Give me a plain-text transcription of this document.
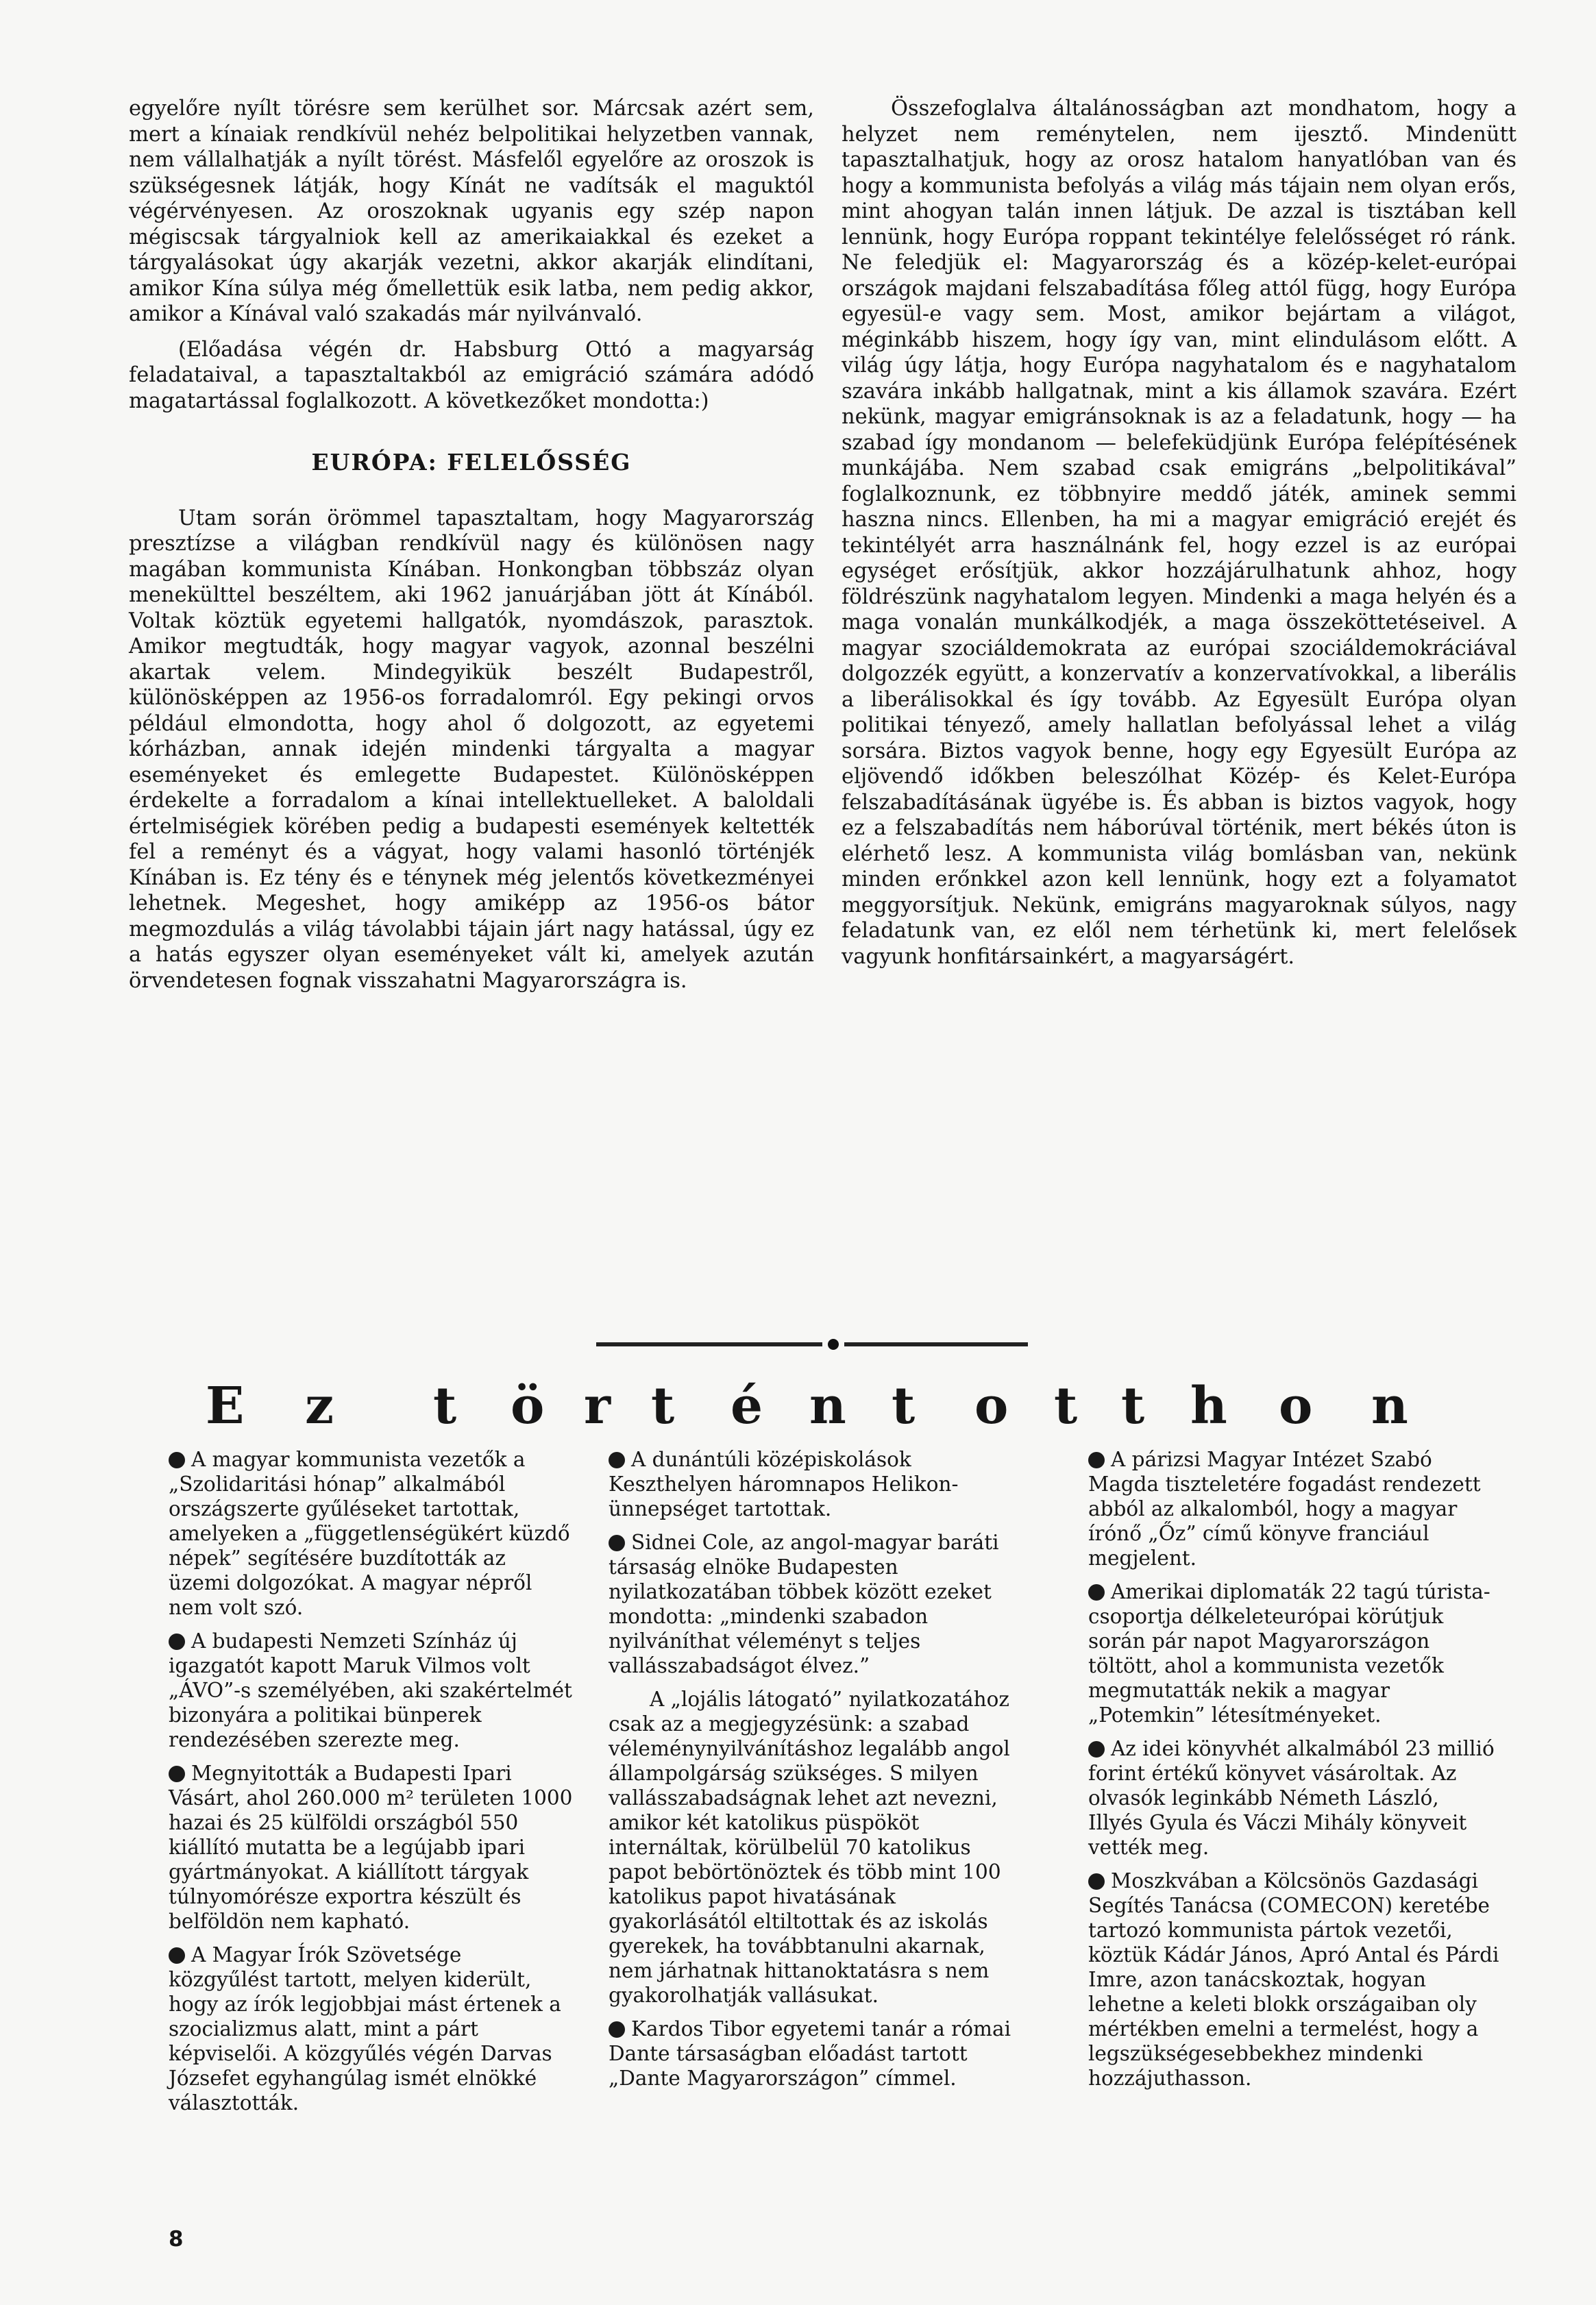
egyelőre nyílt törésre sem kerülhet sor. Márcsak azért sem, mert a kínaiak rendkívül nehéz belpolitikai helyzetben vannak, nem vállalhatják a nyílt törést. Másfelől egyelőre az oroszok is szükségesnek látják, hogy Kínát ne vadítsák el maguktól végérvényesen. Az oroszoknak ugyanis egy szép napon mégiscsak tárgyalniok kell az amerikaiakkal és ezeket a tárgyalásokat úgy akarják vezetni, akkor akarják elindítani, amikor Kína súlya még őmellettük esik latba, nem pedig akkor, amikor a Kínával való szakadás már nyilvánvaló.

(Előadása végén dr. Habsburg Ottó a magyarság feladataival, a tapasztaltakból az emigráció számára adódó magatartással foglalkozott. A következőket mondotta:)

EURÓPA: FELELŐSSÉG

Utam során örömmel tapasztaltam, hogy Magyarország presztízse a világban rendkívül nagy és különösen nagy magában kommunista Kínában. Honkongban többszáz olyan menekülttel beszéltem, aki 1962 januárjában jött át Kínából. Voltak köztük egyetemi hallgatók, nyomdászok, parasztok. Amikor megtudták, hogy magyar vagyok, azonnal beszélni akartak velem. Mindegyikük beszélt Budapestről, különösképpen az 1956-os forradalomról. Egy pekingi orvos például elmondotta, hogy ahol ő dolgozott, az egyetemi kórházban, annak idején mindenki tárgyalta a magyar eseményeket és emlegette Budapestet. Különösképpen érdekelte a forradalom a kínai intellektuelleket. A baloldali értelmiségiek körében pedig a budapesti események keltették fel a reményt és a vágyat, hogy valami hasonló történjék Kínában is. Ez tény és e ténynek még jelentős következményei lehetnek. Megeshet, hogy amiképp az 1956-os bátor megmozdulás a világ távolabbi tájain járt nagy hatással, úgy ez a hatás egyszer olyan eseményeket vált ki, amelyek azután örvendetesen fognak visszahatni Magyarországra is.

Összefoglalva általánosságban azt mondhatom, hogy a helyzet nem reménytelen, nem ijesztő. Mindenütt tapasztalhatjuk, hogy az orosz hatalom hanyatlóban van és hogy a kommunista befolyás a világ más tájain nem olyan erős, mint ahogyan talán innen látjuk. De azzal is tisztában kell lennünk, hogy Európa roppant tekintélye felelősséget ró ránk. Ne feledjük el: Magyarország és a közép-kelet-európai országok majdani felszabadítása főleg attól függ, hogy Európa egyesül-e vagy sem. Most, amikor bejártam a világot, méginkább hiszem, hogy így van, mint elindulásom előtt. A világ úgy látja, hogy Európa nagyhatalom és e nagyhatalom szavára inkább hallgatnak, mint a kis államok szavára. Ezért nekünk, magyar emigránsoknak is az a feladatunk, hogy — ha szabad így mondanom — belefeküdjünk Európa felépítésének munkájába. Nem szabad csak emigráns „belpolitikával” foglalkoznunk, ez többnyire meddő játék, aminek semmi haszna nincs. Ellenben, ha mi a magyar emigráció erejét és tekintélyét arra használnánk fel, hogy ezzel is az európai egységet erősítjük, akkor hozzájárulhatunk ahhoz, hogy földrészünk nagyhatalom legyen. Mindenki a maga helyén és a maga vonalán munkálkodjék, a maga összeköttetéseivel. A magyar szociáldemokrata az európai szociáldemokráciával dolgozzék együtt, a konzervatív a konzervatívokkal, a liberális a liberálisokkal és így tovább. Az Egyesült Európa olyan politikai tényező, amely hallatlan befolyással lehet a világ sorsára. Biztos vagyok benne, hogy egy Egyesült Európa az eljövendő időkben beleszólhat Közép- és Kelet-Európa felszabadításának ügyébe is. És abban is biztos vagyok, hogy ez a felszabadítás nem háborúval történik, mert békés úton is elérhető lesz. A kommunista világ bomlásban van, nekünk minden erőnkkel azon kell lennünk, hogy ezt a folyamatot meggyorsítjuk. Nekünk, emigráns magyaroknak súlyos, nagy feladatunk van, ez elől nem térhetünk ki, mert felelősek vagyunk honfitársainkért, a magyarságért.

E z t ö r t é n t o t t h o n

A magyar kommunista vezetők a „Szolidaritási hónap” alkalmából országszerte gyűléseket tartottak, amelyeken a „függetlenségükért küzdő népek” segítésére buzdították az üzemi dolgozókat. A magyar népről nem volt szó.

A budapesti Nemzeti Színház új igazgatót kapott Maruk Vilmos volt „ÁVO”-s személyében, aki szakértelmét bizonyára a politikai bünperek rendezésében szerezte meg.

Megnyitották a Budapesti Ipari Vásárt, ahol 260.000 m² területen 1000 hazai és 25 külföldi országból 550 kiállító mutatta be a legújabb ipari gyártmányokat. A kiállított tárgyak túlnyomórésze exportra készült és belföldön nem kapható.

A Magyar Írók Szövetsége közgyűlést tartott, melyen kiderült, hogy az írók legjobbjai mást értenek a szocializmus alatt, mint a párt képviselői. A közgyűlés végén Darvas Józsefet egyhangúlag ismét elnökké választották.

A dunántúli középiskolások Keszthelyen háromnapos Helikon-ünnepséget tartottak.

Sidnei Cole, az angol-magyar baráti társaság elnöke Budapesten nyilatkozatában többek között ezeket mondotta: „mindenki szabadon nyilváníthat véleményt s teljes vallásszabadságot élvez.”

A „lojális látogató” nyilatkozatához csak az a megjegyzésünk: a szabad véleménynyilvánításhoz legalább angol állampolgárság szükséges. S milyen vallásszabadságnak lehet azt nevezni, amikor két katolikus püspököt internáltak, körülbelül 70 katolikus papot bebörtönöztek és több mint 100 katolikus papot hivatásának gyakorlásától eltiltottak és az iskolás gyerekek, ha továbbtanulni akarnak, nem járhatnak hittanoktatásra s nem gyakorolhatják vallásukat.

Kardos Tibor egyetemi tanár a római Dante társaságban előadást tartott „Dante Magyarországon” címmel.

A párizsi Magyar Intézet Szabó Magda tiszteletére fogadást rendezett abból az alkalomból, hogy a magyar írónő „Őz” című könyve franciául megjelent.

Amerikai diplomaták 22 tagú túrista-csoportja délkeleteurópai körútjuk során pár napot Magyarországon töltött, ahol a kommunista vezetők megmutatták nekik a magyar „Potemkin” létesítményeket.

Az idei könyvhét alkalmából 23 millió forint értékű könyvet vásároltak. Az olvasók leginkább Németh László, Illyés Gyula és Váczi Mihály könyveit vették meg.

Moszkvában a Kölcsönös Gazdasági Segítés Tanácsa (COMECON) keretébe tartozó kommunista pártok vezetői, köztük Kádár János, Apró Antal és Párdi Imre, azon tanácskoztak, hogyan lehetne a keleti blokk országaiban oly mértékben emelni a termelést, hogy a legszükségesebbekhez mindenki hozzájuthasson.

8
